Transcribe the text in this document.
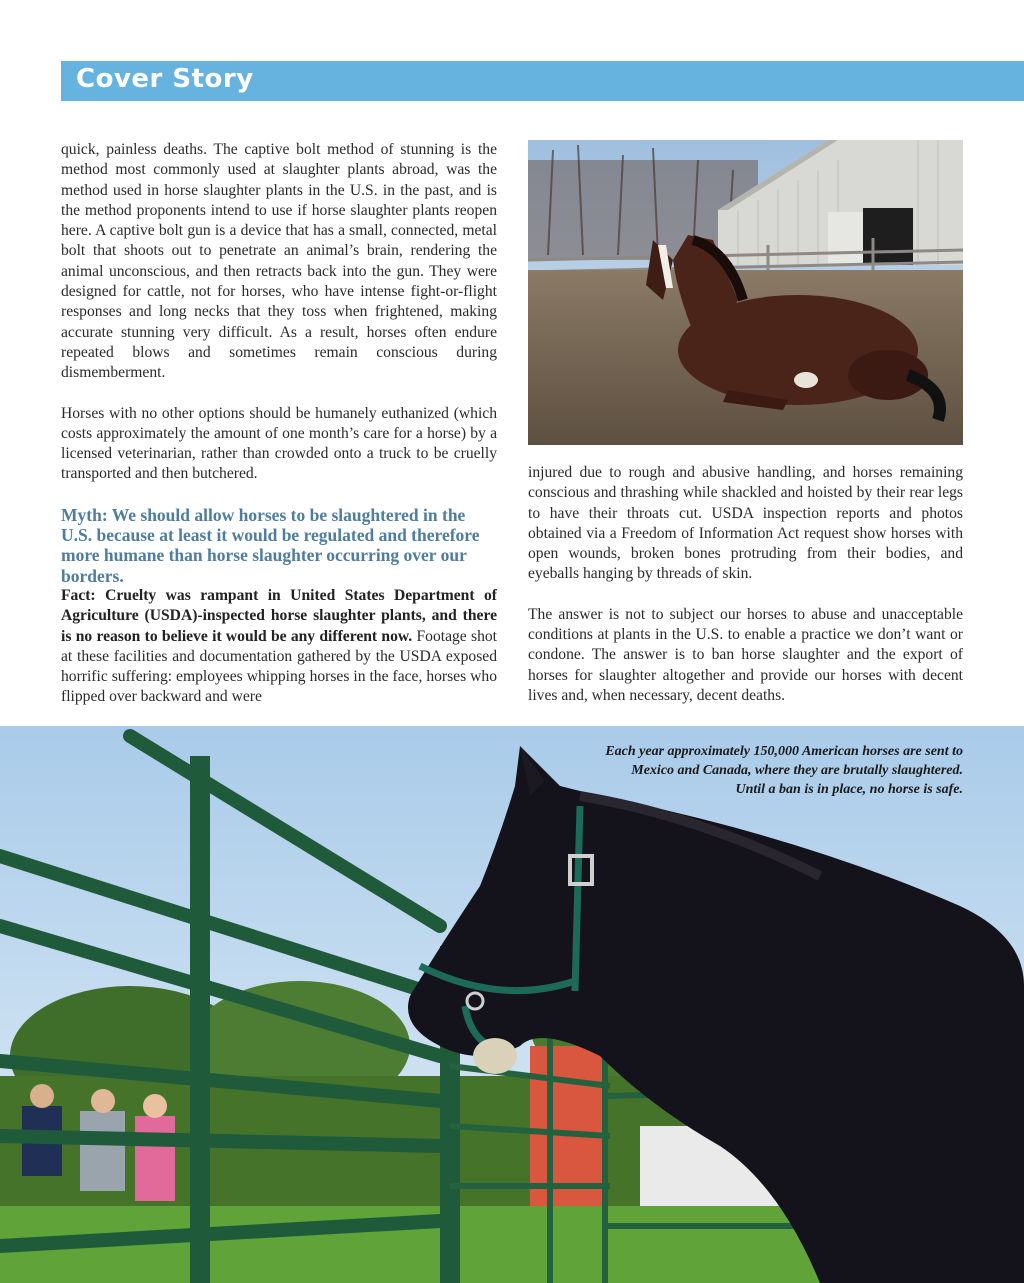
Cover Story

quick, painless deaths. The captive bolt method of stunning is the method most commonly used at slaughter plants abroad, was the method used in horse slaughter plants in the U.S. in the past, and is the method proponents intend to use if horse slaughter plants reopen here. A captive bolt gun is a device that has a small, connected, metal bolt that shoots out to penetrate an animal’s brain, rendering the animal unconscious, and then retracts back into the gun. They were designed for cattle, not for horses, who have intense fight-or-flight responses and long necks that they toss when frightened, making accurate stunning very difficult. As a result, horses often endure repeated blows and sometimes remain conscious during dismemberment.

Horses with no other options should be humanely euthanized (which costs approximately the amount of one month’s care for a horse) by a licensed veterinarian, rather than crowded onto a truck to be cruelly transported and then butchered.

Myth: We should allow horses to be slaughtered in the U.S. because at least it would be regulated and therefore more humane than horse slaughter occurring over our borders.

Fact: Cruelty was rampant in United States Department of Agriculture (USDA)-inspected horse slaughter plants, and there is no reason to believe it would be any different now. Footage shot at these facilities and documentation gathered by the USDA exposed horrific suffering: employees whipping horses in the face, horses who flipped over backward and were

injured due to rough and abusive handling, and horses remaining conscious and thrashing while shackled and hoisted by their rear legs to have their throats cut. USDA inspection reports and photos obtained via a Freedom of Information Act request show horses with open wounds, broken bones protruding from their bodies, and eyeballs hanging by threads of skin.

The answer is not to subject our horses to abuse and unacceptable conditions at plants in the U.S. to enable a practice we don’t want or condone. The answer is to ban horse slaughter and the export of horses for slaughter altogether and provide our horses with decent lives and, when necessary, decent deaths.

Each year approximately 150,000 American horses are sent to
Mexico and Canada, where they are brutally slaughtered.
Until a ban is in place, no horse is safe.
